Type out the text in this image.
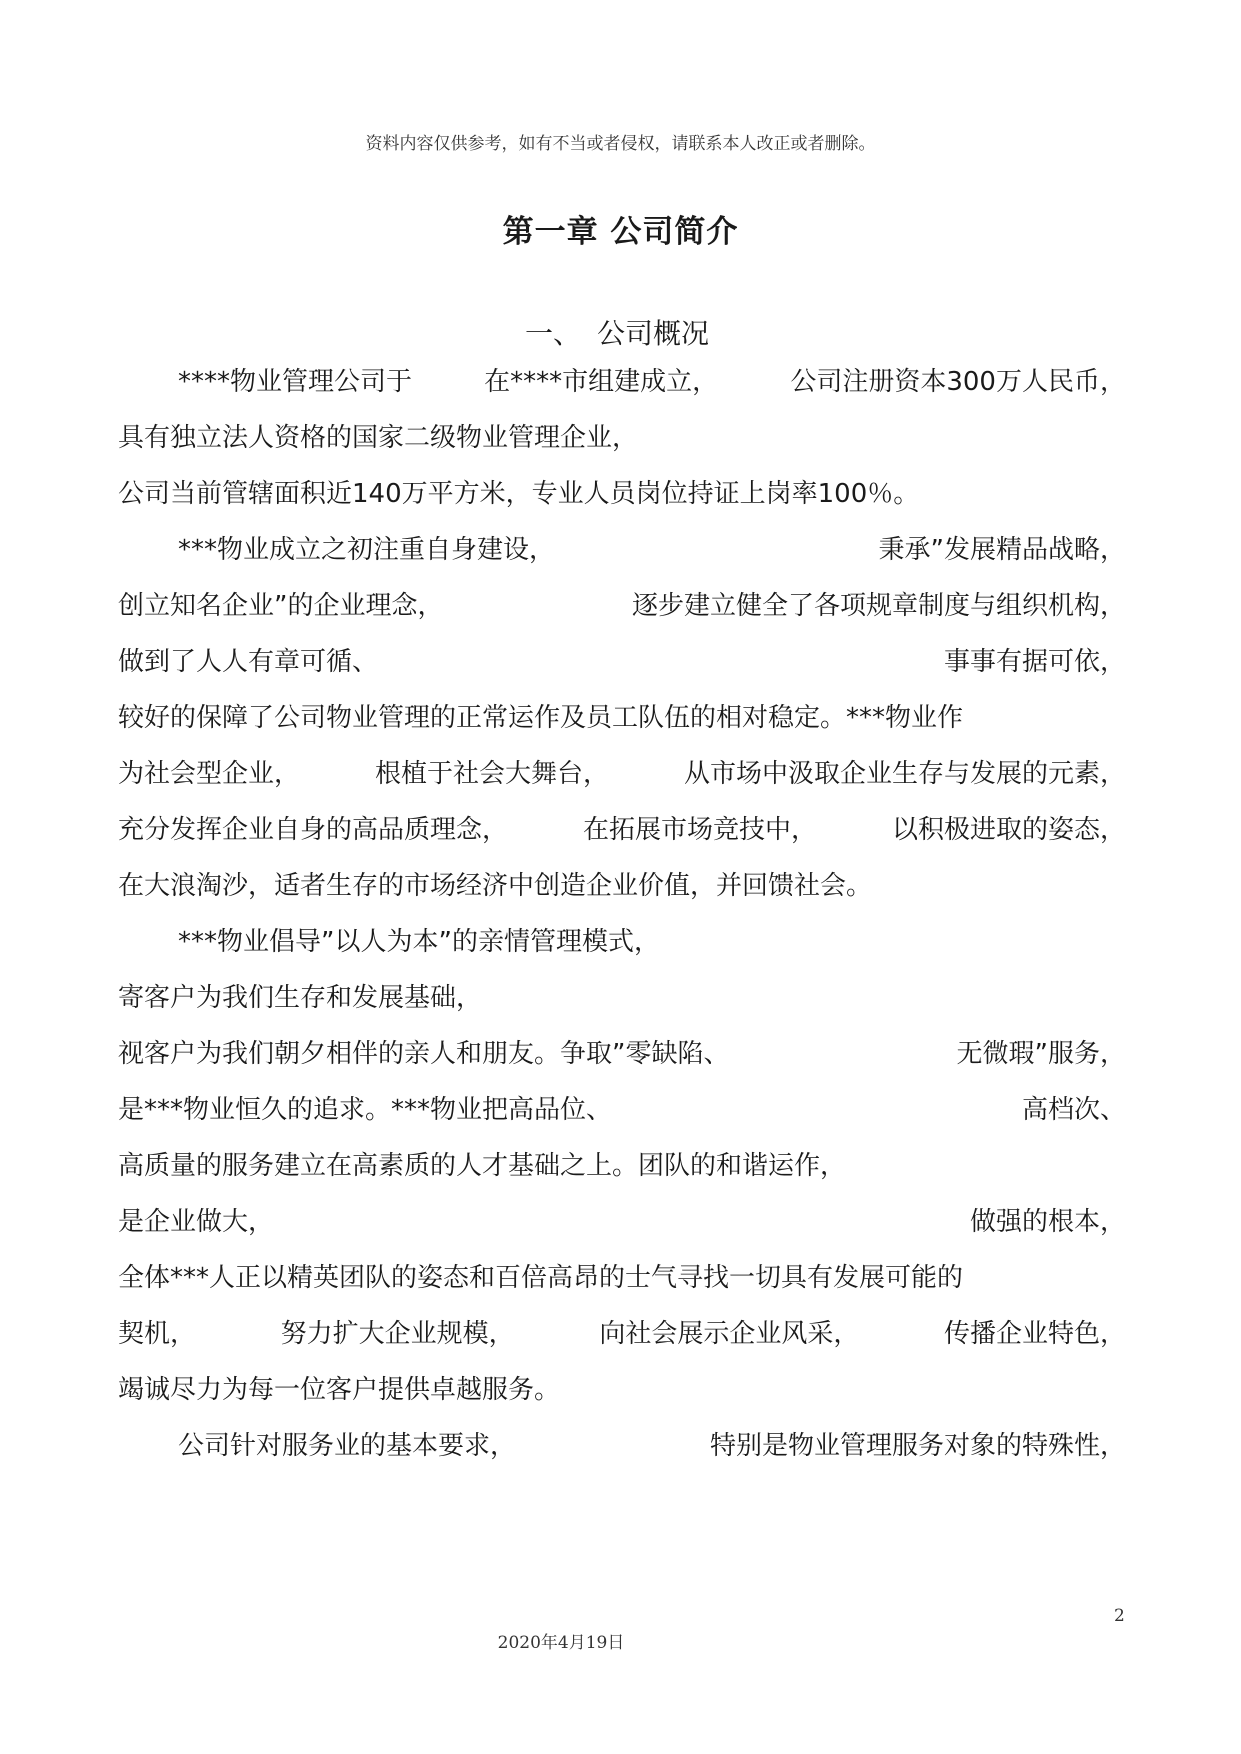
资料内容仅供参考，如有不当或者侵权，请联系本人改正或者删除。
第一章 公司简介
一、 公司概况
****物业管理公司于	在****市组建成立，	公司注册资本300万人民币，
具有独立法人资格的国家二级物业管理企业，
公司当前管辖面积近140万平方米，专业人员岗位持证上岗率100％。
***物业成立之初注重自身建设，	秉承”发展精品战略，
创立知名企业”的企业理念，	逐步建立健全了各项规章制度与组织机构，
做到了人人有章可循、	事事有据可依，
较好的保障了公司物业管理的正常运作及员工队伍的相对稳定。***物业作
为社会型企业，	根植于社会大舞台，	从市场中汲取企业生存与发展的元素，
充分发挥企业自身的高品质理念，	在拓展市场竞技中，	以积极进取的姿态，
在大浪淘沙，适者生存的市场经济中创造企业价值，并回馈社会。
***物业倡导”以人为本”的亲情管理模式，
寄客户为我们生存和发展基础，
视客户为我们朝夕相伴的亲人和朋友。争取”零缺陷、	无微瑕”服务，
是***物业恒久的追求。***物业把高品位、	高档次、
高质量的服务建立在高素质的人才基础之上。团队的和谐运作，
是企业做大，	做强的根本，
全体***人正以精英团队的姿态和百倍高昂的士气寻找一切具有发展可能的
契机，	努力扩大企业规模，	向社会展示企业风采，	传播企业特色，
竭诚尽力为每一位客户提供卓越服务。
公司针对服务业的基本要求，	特别是物业管理服务对象的特殊性，
2
2020年4月19日
